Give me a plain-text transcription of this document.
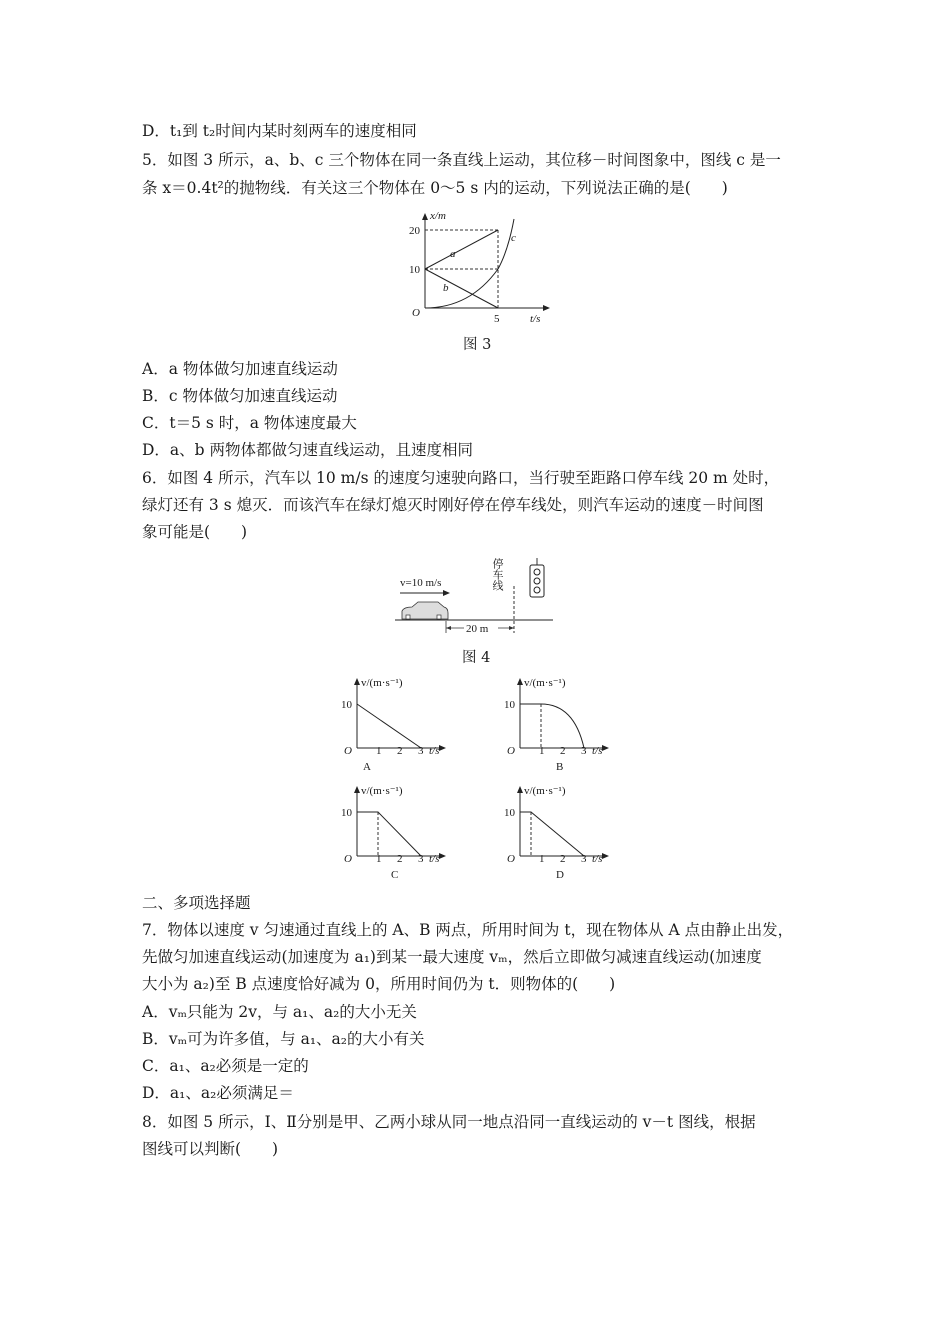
D．t₁到 t₂时间内某时刻两车的速度相同
5．如图 3 所示，a、b、c 三个物体在同一条直线上运动，其位移－时间图象中，图线 c 是一
条 x＝0.4t²的抛物线．有关这三个物体在 0～5 s 内的运动，下列说法正确的是(　　)
x/m
t/s
O
20
10
5
a
b
c
图 3
A．a 物体做匀加速直线运动
B．c 物体做匀加速直线运动
C．t＝5 s 时，a 物体速度最大
D．a、b 两物体都做匀速直线运动，且速度相同
6．如图 4 所示，汽车以 10 m/s 的速度匀速驶向路口，当行驶至距路口停车线 20 m 处时，
绿灯还有 3 s 熄灭．而该汽车在绿灯熄灭时刚好停在停车线处，则汽车运动的速度－时间图
象可能是(　　)
v=10 m/s	停车线
20 m
图 4
v/(m·s⁻¹)
10
O 1 2 3 t/s
A
v/(m·s⁻¹)
10
O 1 2 3 t/s
B
v/(m·s⁻¹)
10
O 1 2 3 t/s
C
v/(m·s⁻¹)
10
O 1 2 3 t/s
D
二、多项选择题
7．物体以速度 v 匀速通过直线上的 A、B 两点，所用时间为 t，现在物体从 A 点由静止出发，
先做匀加速直线运动(加速度为 a₁)到某一最大速度 vₘ，然后立即做匀减速直线运动(加速度
大小为 a₂)至 B 点速度恰好减为 0，所用时间仍为 t．则物体的(　　)
A．vₘ只能为 2v，与 a₁、a₂的大小无关
B．vₘ可为许多值，与 a₁、a₂的大小有关
C．a₁、a₂必须是一定的
D．a₁、a₂必须满足＝
8．如图 5 所示，Ⅰ、Ⅱ分别是甲、乙两小球从同一地点沿同一直线运动的 v－t 图线，根据
图线可以判断(　　)
